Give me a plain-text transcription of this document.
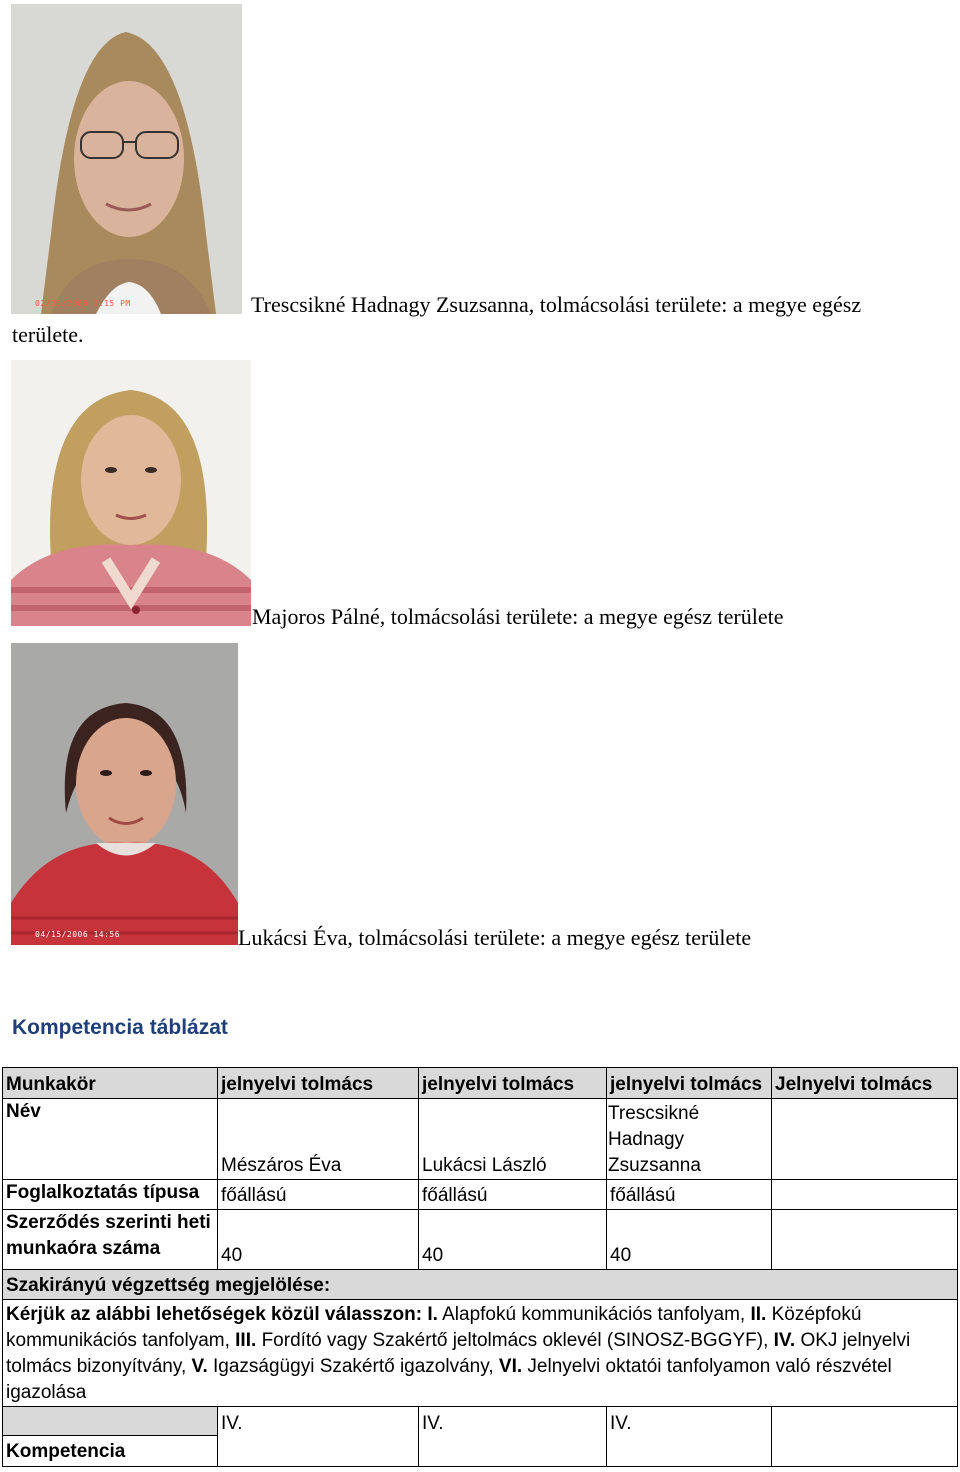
02/25/2006 2:15 PM	Trescsikné Hadnagy Zsuzsanna, tolmácsolási területe: a megye egész
területe.
Majoros Pálné, tolmácsolási területe: a megye egész területe
04/15/2006 14:56	Lukácsi Éva, tolmácsolási területe: a megye egész területe
Kompetencia táblázat
Munkakör	jelnyelvi tolmács	jelnyelvi tolmács	jelnyelvi tolmács	Jelnyelvi tolmács
Név	Mészáros Éva	Lukácsi László	Trescsikné Hadnagy Zsuzsanna	
Foglalkoztatás típusa	főállású	főállású	főállású	
Szerződés szerinti heti munkaóra száma	40	40	40	
Szakirányú végzettség megjelölése:				
Kérjük az alábbi lehetőségek közül válasszon: I. Alapfokú kommunikációs tanfolyam, II. Középfokú kommunikációs tanfolyam, III. Fordító vagy Szakértő jeltolmács oklevél (SINOSZ-BGGYF), IV. OKJ jelnyelvi tolmács bizonyítvány, V. Igazságügyi Szakértő igazolvány, VI. Jelnyelvi oktatói tanfolyamon való részvétel igazolása				

Kompetencia	IV.	IV.	IV.	
